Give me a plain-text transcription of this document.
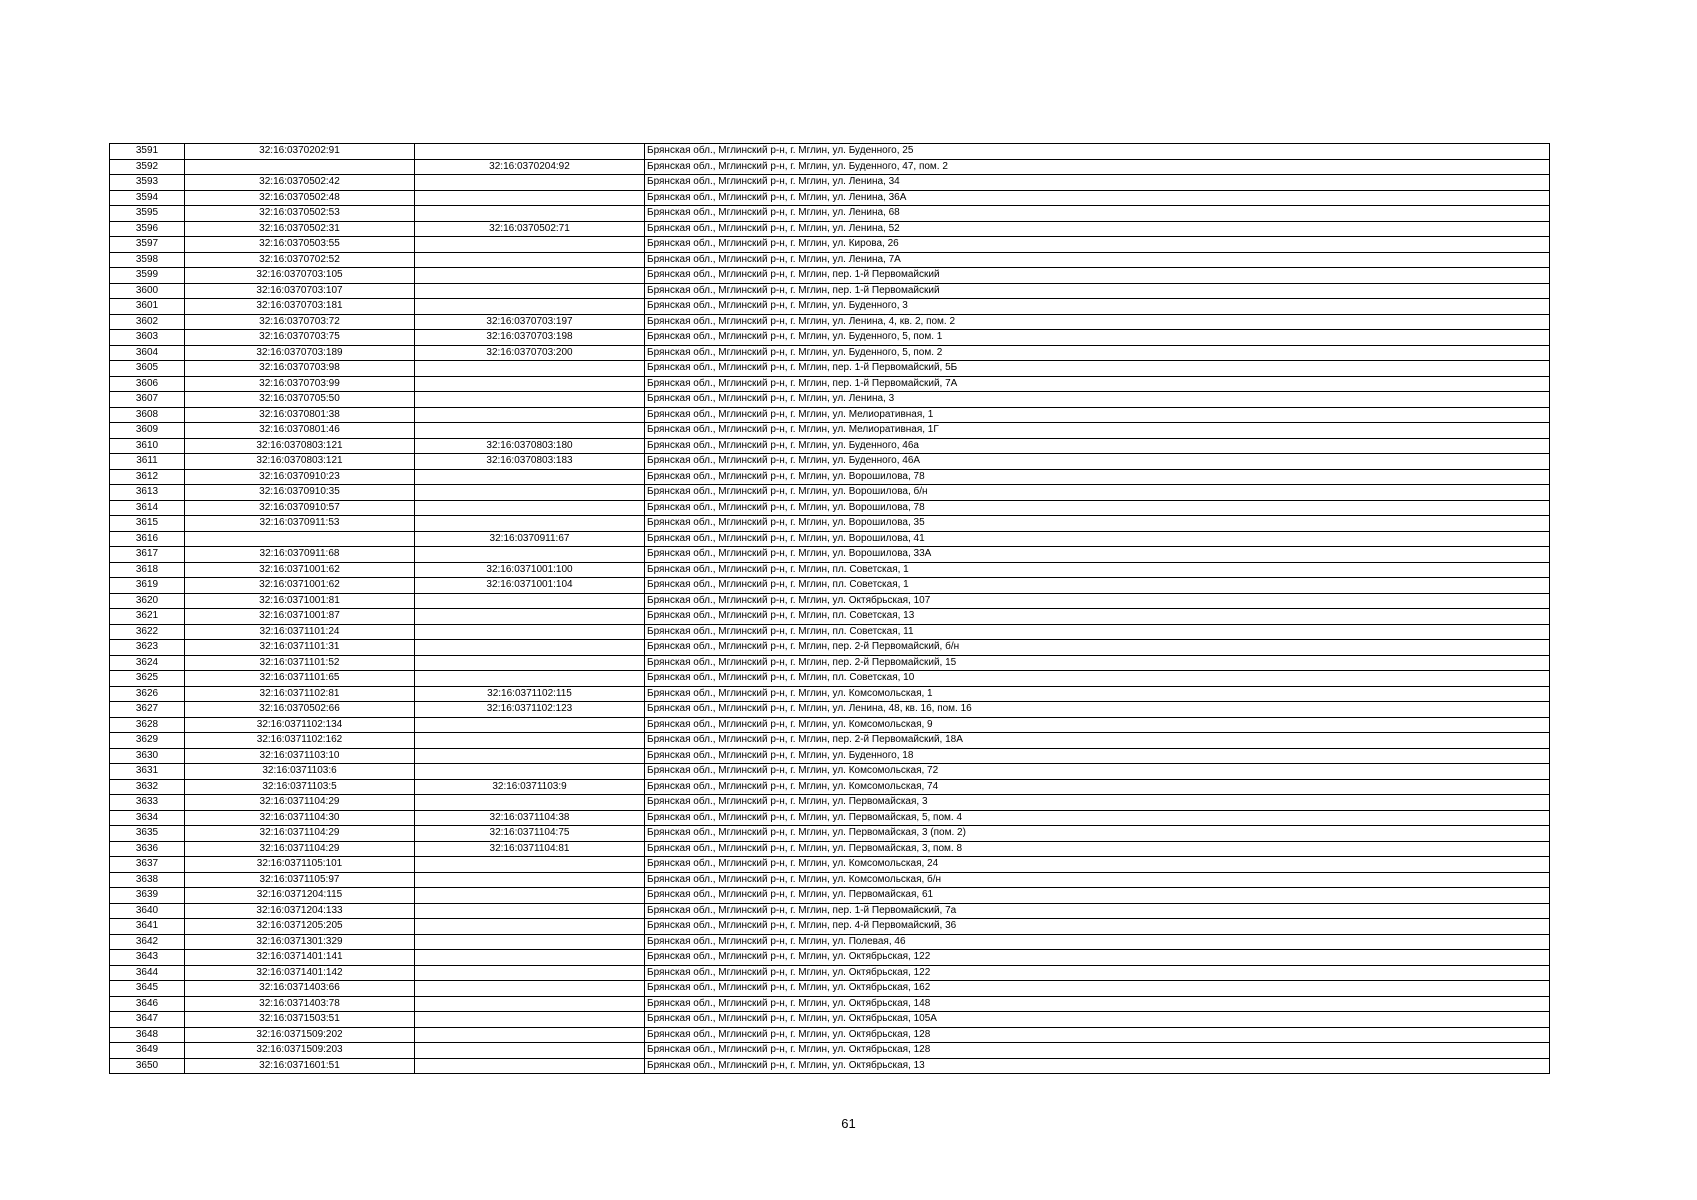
3591	32:16:0370202:91		Брянская обл., Мглинский р-н, г. Мглин, ул. Буденного, 25
3592		32:16:0370204:92	Брянская обл., Мглинский р-н, г. Мглин, ул. Буденного, 47, пом. 2
3593	32:16:0370502:42		Брянская обл., Мглинский р-н, г. Мглин, ул. Ленина, 34
3594	32:16:0370502:48		Брянская обл., Мглинский р-н, г. Мглин, ул. Ленина, 36А
3595	32:16:0370502:53		Брянская обл., Мглинский р-н, г. Мглин, ул. Ленина, 68
3596	32:16:0370502:31	32:16:0370502:71	Брянская обл., Мглинский р-н, г. Мглин, ул. Ленина, 52
3597	32:16:0370503:55		Брянская обл., Мглинский р-н, г. Мглин, ул. Кирова, 26
3598	32:16:0370702:52		Брянская обл., Мглинский р-н, г. Мглин, ул. Ленина, 7А
3599	32:16:0370703:105		Брянская обл., Мглинский р-н, г. Мглин, пер. 1-й Первомайский
3600	32:16:0370703:107		Брянская обл., Мглинский р-н, г. Мглин, пер. 1-й Первомайский
3601	32:16:0370703:181		Брянская обл., Мглинский р-н, г. Мглин, ул. Буденного, 3
3602	32:16:0370703:72	32:16:0370703:197	Брянская обл., Мглинский р-н, г. Мглин, ул. Ленина, 4, кв. 2, пом. 2
3603	32:16:0370703:75	32:16:0370703:198	Брянская обл., Мглинский р-н, г. Мглин, ул. Буденного, 5, пом. 1
3604	32:16:0370703:189	32:16:0370703:200	Брянская обл., Мглинский р-н, г. Мглин, ул. Буденного, 5, пом. 2
3605	32:16:0370703:98		Брянская обл., Мглинский р-н, г. Мглин, пер. 1-й Первомайский, 5Б
3606	32:16:0370703:99		Брянская обл., Мглинский р-н, г. Мглин, пер. 1-й Первомайский, 7А
3607	32:16:0370705:50		Брянская обл., Мглинский р-н, г. Мглин, ул. Ленина, 3
3608	32:16:0370801:38		Брянская обл., Мглинский р-н, г. Мглин, ул. Мелиоративная, 1
3609	32:16:0370801:46		Брянская обл., Мглинский р-н, г. Мглин, ул. Мелиоративная, 1Г
3610	32:16:0370803:121	32:16:0370803:180	Брянская обл., Мглинский р-н, г. Мглин, ул. Буденного, 46а
3611	32:16:0370803:121	32:16:0370803:183	Брянская обл., Мглинский р-н, г. Мглин, ул. Буденного, 46А
3612	32:16:0370910:23		Брянская обл., Мглинский р-н, г. Мглин, ул. Ворошилова, 78
3613	32:16:0370910:35		Брянская обл., Мглинский р-н, г. Мглин, ул. Ворошилова, б/н
3614	32:16:0370910:57		Брянская обл., Мглинский р-н, г. Мглин, ул. Ворошилова, 78
3615	32:16:0370911:53		Брянская обл., Мглинский р-н, г. Мглин, ул. Ворошилова, 35
3616		32:16:0370911:67	Брянская обл., Мглинский р-н, г. Мглин, ул. Ворошилова, 41
3617	32:16:0370911:68		Брянская обл., Мглинский р-н, г. Мглин, ул. Ворошилова, 33А
3618	32:16:0371001:62	32:16:0371001:100	Брянская обл., Мглинский р-н, г. Мглин, пл. Советская, 1
3619	32:16:0371001:62	32:16:0371001:104	Брянская обл., Мглинский р-н, г. Мглин, пл. Советская, 1
3620	32:16:0371001:81		Брянская обл., Мглинский р-н, г. Мглин, ул. Октябрьская, 107
3621	32:16:0371001:87		Брянская обл., Мглинский р-н, г. Мглин, пл. Советская, 13
3622	32:16:0371101:24		Брянская обл., Мглинский р-н, г. Мглин, пл. Советская, 11
3623	32:16:0371101:31		Брянская обл., Мглинский р-н, г. Мглин, пер. 2-й Первомайский, б/н
3624	32:16:0371101:52		Брянская обл., Мглинский р-н, г. Мглин, пер. 2-й Первомайский, 15
3625	32:16:0371101:65		Брянская обл., Мглинский р-н, г. Мглин, пл. Советская, 10
3626	32:16:0371102:81	32:16:0371102:115	Брянская обл., Мглинский р-н, г. Мглин, ул. Комсомольская, 1
3627	32:16:0370502:66	32:16:0371102:123	Брянская обл., Мглинский р-н, г. Мглин, ул. Ленина, 48, кв. 16, пом. 16
3628	32:16:0371102:134		Брянская обл., Мглинский р-н, г. Мглин, ул. Комсомольская, 9
3629	32:16:0371102:162		Брянская обл., Мглинский р-н, г. Мглин, пер. 2-й Первомайский, 18А
3630	32:16:0371103:10		Брянская обл., Мглинский р-н, г. Мглин, ул. Буденного, 18
3631	32:16:0371103:6		Брянская обл., Мглинский р-н, г. Мглин, ул. Комсомольская, 72
3632	32:16:0371103:5	32:16:0371103:9	Брянская обл., Мглинский р-н, г. Мглин, ул. Комсомольская, 74
3633	32:16:0371104:29		Брянская обл., Мглинский р-н, г. Мглин, ул. Первомайская, 3
3634	32:16:0371104:30	32:16:0371104:38	Брянская обл., Мглинский р-н, г. Мглин, ул. Первомайская, 5, пом. 4
3635	32:16:0371104:29	32:16:0371104:75	Брянская обл., Мглинский р-н, г. Мглин, ул. Первомайская, 3 (пом. 2)
3636	32:16:0371104:29	32:16:0371104:81	Брянская обл., Мглинский р-н, г. Мглин, ул. Первомайская, 3, пом. 8
3637	32:16:0371105:101		Брянская обл., Мглинский р-н, г. Мглин, ул. Комсомольская, 24
3638	32:16:0371105:97		Брянская обл., Мглинский р-н, г. Мглин, ул. Комсомольская, б/н
3639	32:16:0371204:115		Брянская обл., Мглинский р-н, г. Мглин, ул. Первомайская, 61
3640	32:16:0371204:133		Брянская обл., Мглинский р-н, г. Мглин, пер. 1-й Первомайский, 7а
3641	32:16:0371205:205		Брянская обл., Мглинский р-н, г. Мглин, пер. 4-й Первомайский, 36
3642	32:16:0371301:329		Брянская обл., Мглинский р-н, г. Мглин, ул. Полевая, 46
3643	32:16:0371401:141		Брянская обл., Мглинский р-н, г. Мглин, ул. Октябрьская, 122
3644	32:16:0371401:142		Брянская обл., Мглинский р-н, г. Мглин, ул. Октябрьская, 122
3645	32:16:0371403:66		Брянская обл., Мглинский р-н, г. Мглин, ул. Октябрьская, 162
3646	32:16:0371403:78		Брянская обл., Мглинский р-н, г. Мглин, ул. Октябрьская, 148
3647	32:16:0371503:51		Брянская обл., Мглинский р-н, г. Мглин, ул. Октябрьская, 105А
3648	32:16:0371509:202		Брянская обл., Мглинский р-н, г. Мглин, ул. Октябрьская, 128
3649	32:16:0371509:203		Брянская обл., Мглинский р-н, г. Мглин, ул. Октябрьская, 128
3650	32:16:0371601:51		Брянская обл., Мглинский р-н, г. Мглин, ул. Октябрьская, 13
61
